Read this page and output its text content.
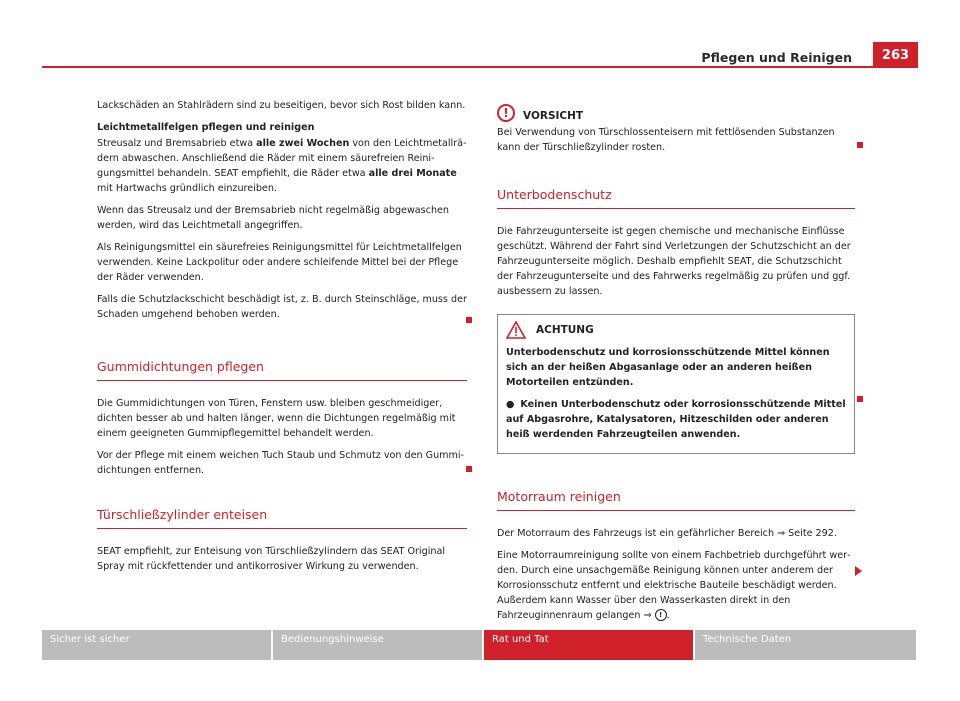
Pflegen und Reinigen	263

Lackschäden an Stahlrädern sind zu beseitigen, bevor sich Rost bilden kann.

Leichtmetallfelgen pflegen und reinigen

Streusalz und Bremsabrieb etwa alle zwei Wochen von den Leichtmetallrädern abwaschen. Anschließend die Räder mit einem säurefreien Reinigungsmittel behandeln. SEAT empfiehlt, die Räder etwa alle drei Monate mit Hartwachs gründlich einzureiben.

Wenn das Streusalz und der Bremsabrieb nicht regelmäßig abgewaschen werden, wird das Leichtmetall angegriffen.

Als Reinigungsmittel ein säurefreies Reinigungsmittel für Leichtmetallfelgen verwenden. Keine Lackpolitur oder andere schleifende Mittel bei der Pflege der Räder verwenden.

Falls die Schutzlackschicht beschädigt ist, z. B. durch Steinschläge, muss der Schaden umgehend behoben werden.

Gummidichtungen pflegen

Die Gummidichtungen von Türen, Fenstern usw. bleiben geschmeidiger, dichten besser ab und halten länger, wenn die Dichtungen regelmäßig mit einem geeigneten Gummipflegemittel behandelt werden.

Vor der Pflege mit einem weichen Tuch Staub und Schmutz von den Gummidichtungen entfernen.

Türschließzylinder enteisen

SEAT empfiehlt, zur Enteisung von Türschließzylindern das SEAT Original Spray mit rückfettender und antikorrosiver Wirkung zu verwenden.

!	VORSICHT

Bei Verwendung von Türschlossenteisern mit fettlösenden Substanzen kann der Türschließzylinder rosten.

Unterbodenschutz

Die Fahrzeugunterseite ist gegen chemische und mechanische Einflüsse geschützt. Während der Fahrt sind Verletzungen der Schutzschicht an der Fahrzeugunterseite möglich. Deshalb empfiehlt SEAT, die Schutzschicht der Fahrzeugunterseite und des Fahrwerks regelmäßig zu prüfen und ggf. ausbessern zu lassen.

ACHTUNG

Unterbodenschutz und korrosionsschützende Mittel können sich an der heißen Abgasanlage oder an anderen heißen Motorteilen entzünden.

● Keinen Unterbodenschutz oder korrosionsschützende Mittel auf Abgasrohre, Katalysatoren, Hitzeschilden oder anderen heiß werdenden Fahrzeugteilen anwenden.

Motorraum reinigen

Der Motorraum des Fahrzeugs ist ein gefährlicher Bereich ⇒ Seite 292.

Eine Motorraumreinigung sollte von einem Fachbetrieb durchgeführt werden. Durch eine unsachgemäße Reinigung können unter anderem der Korrosionsschutz entfernt und elektrische Bauteile beschädigt werden. Außerdem kann Wasser über den Wasserkasten direkt in den Fahrzeuginnenraum gelangen ⇒ ! .

Sicher ist sicher	Bedienungshinweise	Rat und Tat	Technische Daten
